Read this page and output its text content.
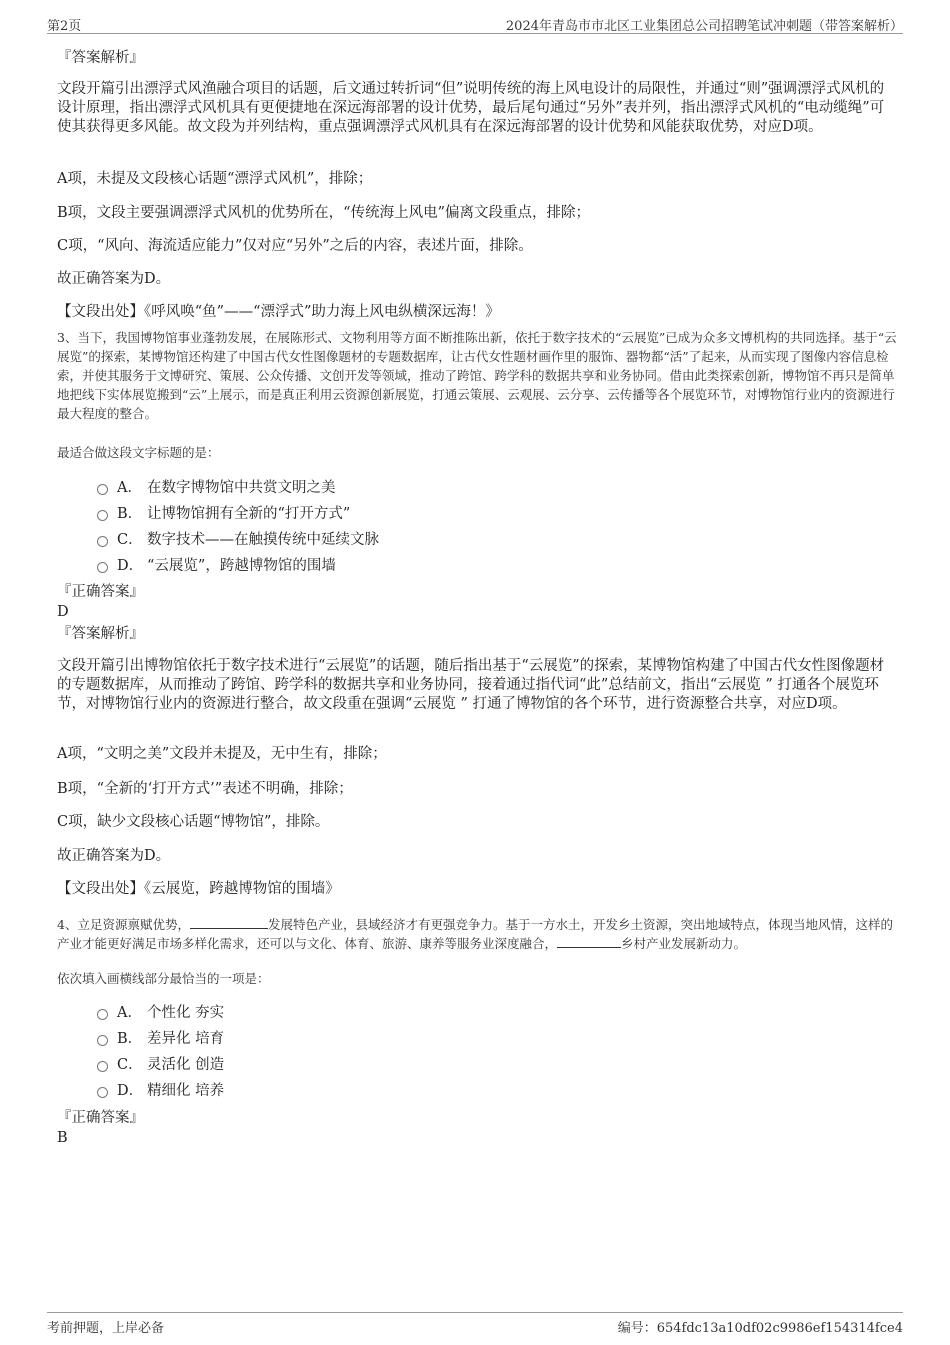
第2页	2024年青岛市市北区工业集团总公司招聘笔试冲刺题（带答案解析）
『答案解析』
文段开篇引出漂浮式风渔融合项目的话题，后文通过转折词“但”说明传统的海上风电设计的局限性，并通过“则”强调漂浮式风机的设计原理，指出漂浮式风机具有更便捷地在深远海部署的设计优势，最后尾句通过“另外”表并列，指出漂浮式风机的“电动缆绳”可使其获得更多风能。故文段为并列结构，重点强调漂浮式风机具有在深远海部署的设计优势和风能获取优势，对应D项。
A项，未提及文段核心话题“漂浮式风机”，排除；
B项，文段主要强调漂浮式风机的优势所在，“传统海上风电”偏离文段重点，排除；
C项，“风向、海流适应能力”仅对应“另外”之后的内容，表述片面，排除。
故正确答案为D。
【文段出处】《呼风唤“鱼”——“漂浮式”助力海上风电纵横深远海！》
3、当下，我国博物馆事业蓬勃发展，在展陈形式、文物利用等方面不断推陈出新，依托于数字技术的“云展览”已成为众多文博机构的共同选择。基于“云展览”的探索，某博物馆还构建了中国古代女性图像题材的专题数据库，让古代女性题材画作里的服饰、器物都“活”了起来，从而实现了图像内容信息检索，并使其服务于文博研究、策展、公众传播、文创开发等领域，推动了跨馆、跨学科的数据共享和业务协同。借由此类探索创新，博物馆不再只是简单地把线下实体展览搬到“云”上展示，而是真正利用云资源创新展览，打通云策展、云观展、云分享、云传播等各个展览环节，对博物馆行业内的资源进行最大程度的整合。
最适合做这段文字标题的是：
A． 在数字博物馆中共赏文明之美
B． 让博物馆拥有全新的“打开方式”
C． 数字技术——在触摸传统中延续文脉
D． “云展览”，跨越博物馆的围墙
『正确答案』
D
『答案解析』
文段开篇引出博物馆依托于数字技术进行“云展览”的话题，随后指出基于“云展览”的探索，某博物馆构建了中国古代女性图像题材的专题数据库，从而推动了跨馆、跨学科的数据共享和业务协同，接着通过指代词“此”总结前文，指出“云展览 ” 打通各个展览环节，对博物馆行业内的资源进行整合，故文段重在强调“云展览 ” 打通了博物馆的各个环节，进行资源整合共享，对应D项。
A项，“文明之美”文段并未提及，无中生有，排除；
B项，“全新的‘打开方式’”表述不明确，排除；
C项，缺少文段核心话题“博物馆”，排除。
故正确答案为D。
【文段出处】《云展览，跨越博物馆的围墙》
4、立足资源禀赋优势，	发展特色产业，县域经济才有更强竞争力。基于一方水土，开发乡土资源，突出地域特点，体现当地风情，这样的产业才能更好满足市场多样化需求，还可以与文化、体育、旅游、康养等服务业深度融合，	乡村产业发展新动力。
依次填入画横线部分最恰当的一项是：
A． 个性化 夯实
B． 差异化 培育
C． 灵活化 创造
D． 精细化 培养
『正确答案』
B
考前押题，上岸必备	编号：654fdc13a10df02c9986ef154314fce4
